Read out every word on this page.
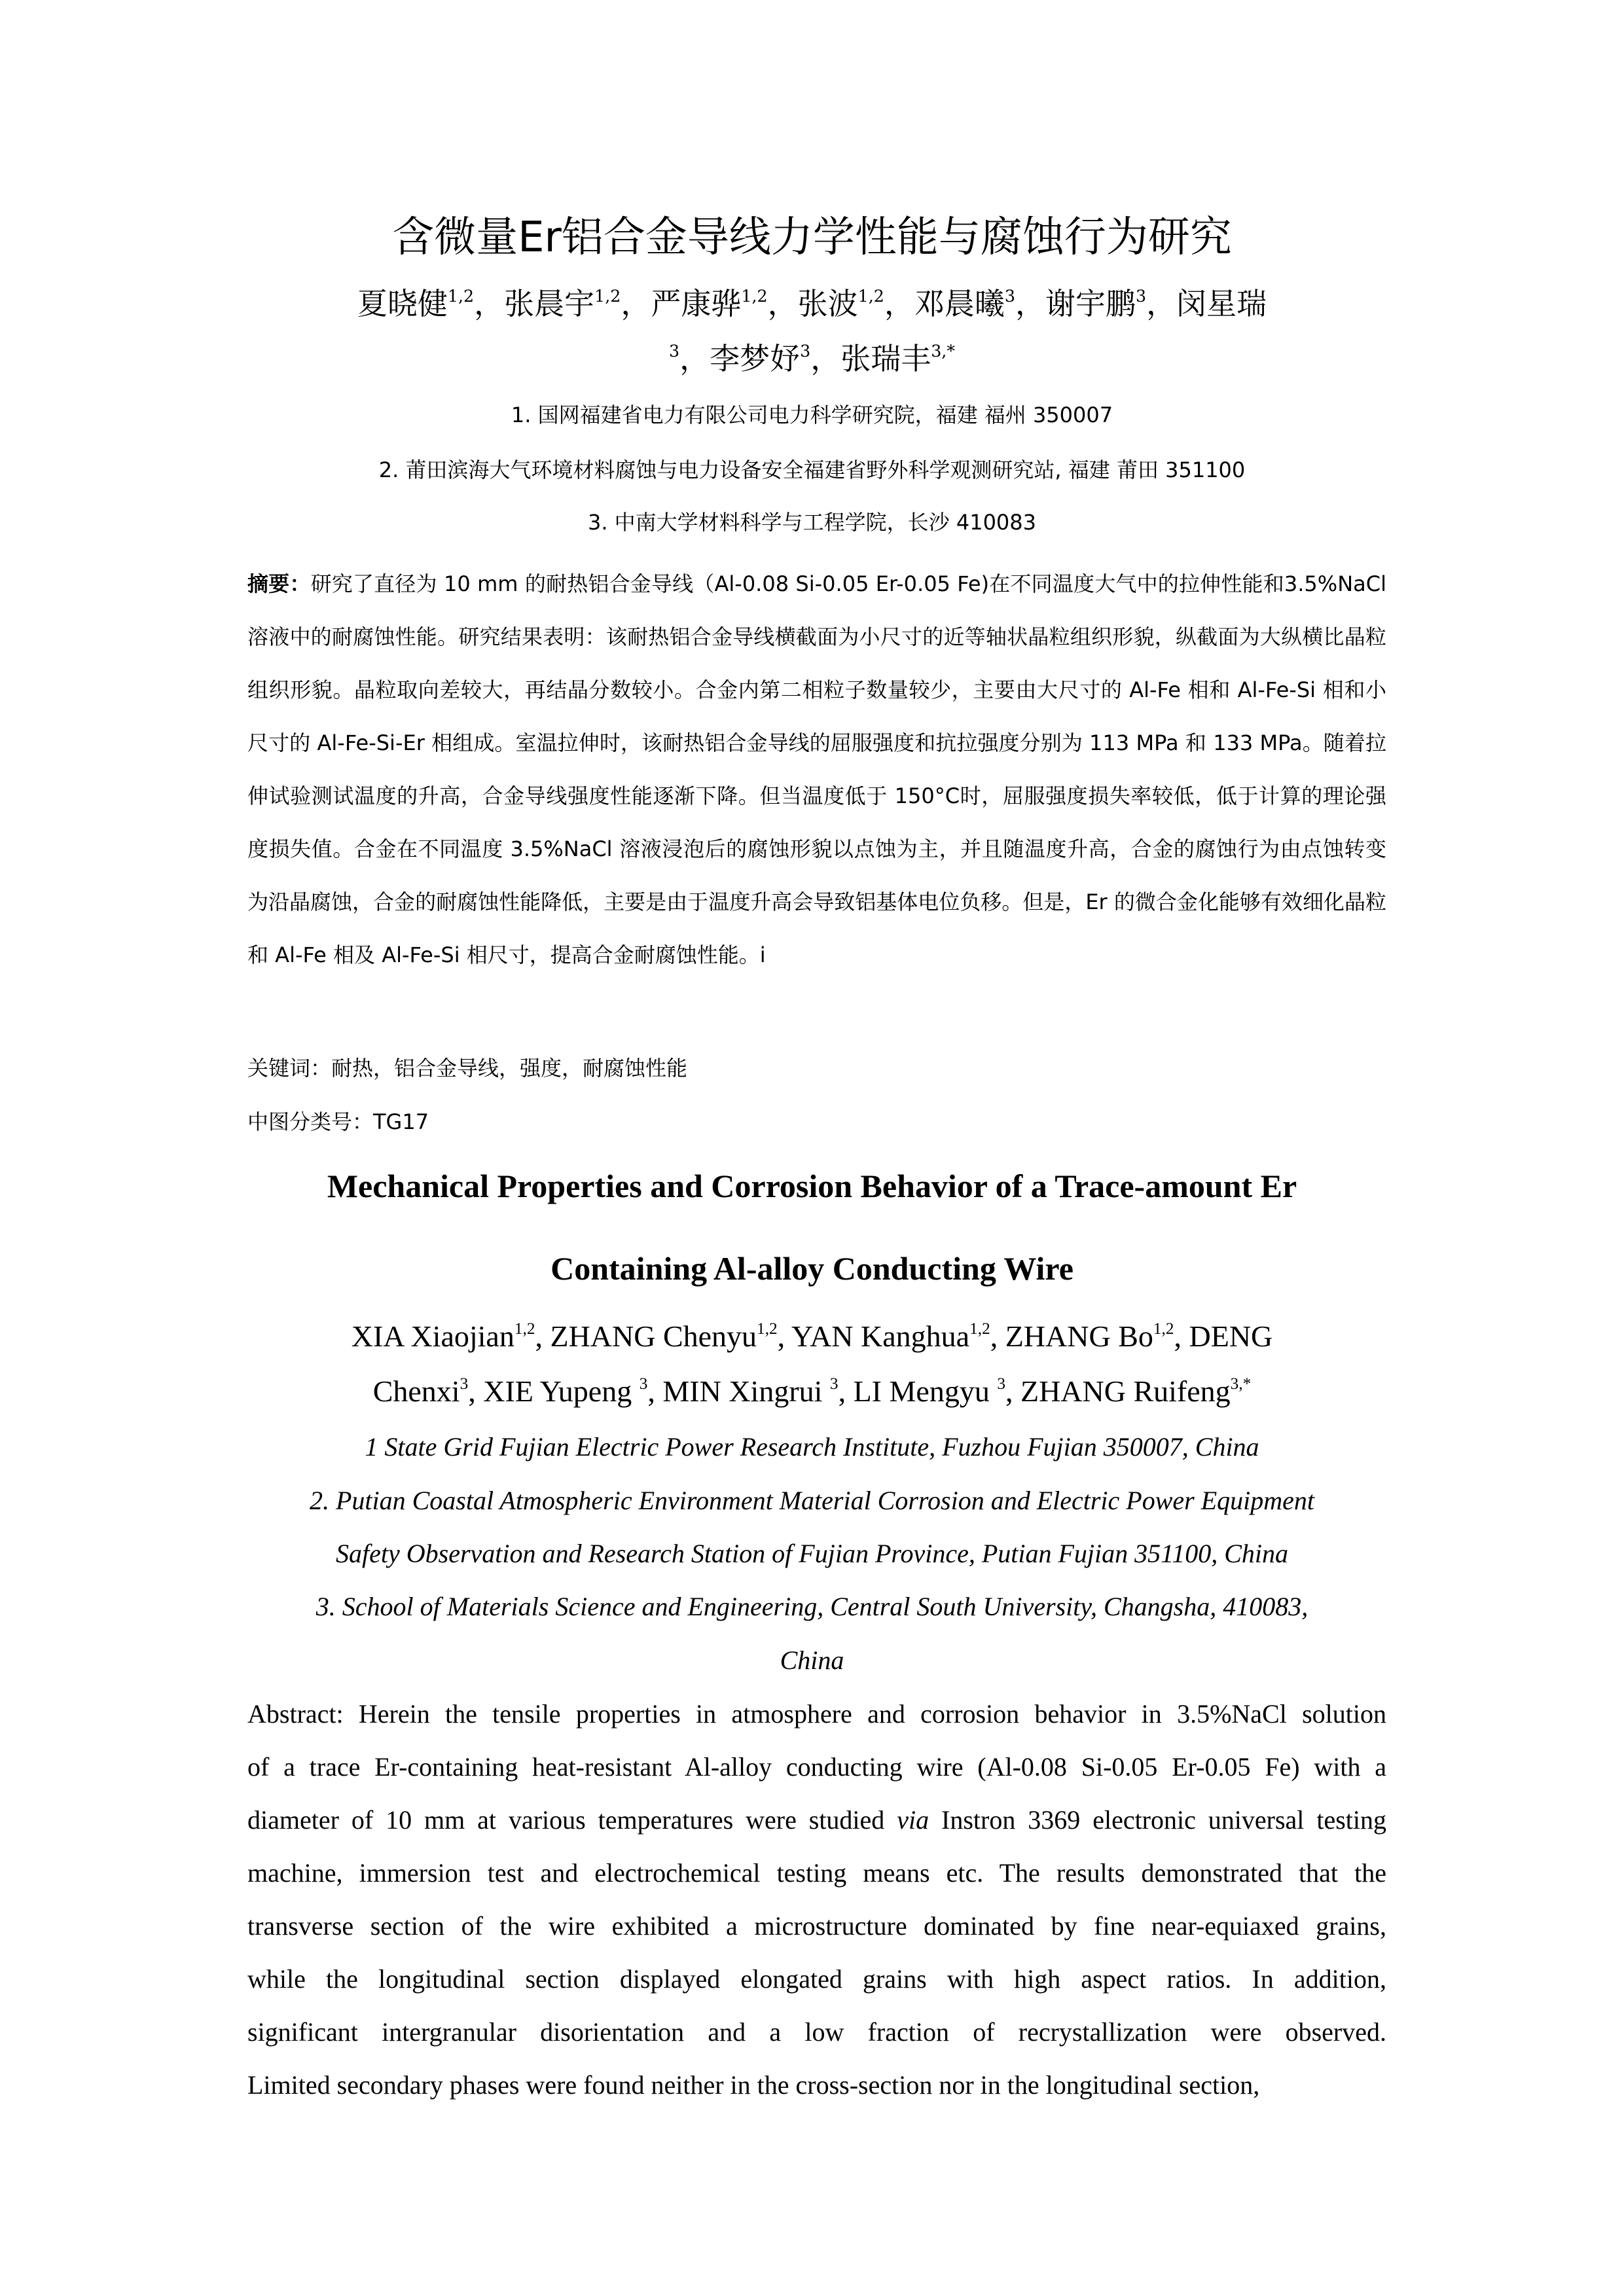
含微量Er铝合金导线力学性能与腐蚀行为研究
夏晓健$^{1,2}$，张晨宇$^{1,2}$，严康骅$^{1,2}$，张波$^{1,2}$，邓晨曦$^3$，谢宇鹏$^3$，闵星瑞
$^3$，李梦妤$^3$，张瑞丰$^{3,*}$
1. 国网福建省电力有限公司电力科学研究院，福建 福州 350007
2. 莆田滨海大气环境材料腐蚀与电力设备安全福建省野外科学观测研究站, 福建 莆田 351100
3. 中南大学材料科学与工程学院，长沙 410083
摘要：研究了直径为 10 mm 的耐热铝合金导线（Al-0.08 Si-0.05 Er-0.05 Fe)在不同温度大气中的拉伸性能和3.5%NaCl 溶液中的耐腐蚀性能。研究结果表明：该耐热铝合金导线横截面为小尺寸的近等轴状晶粒组织形貌，纵截面为大纵横比晶粒组织形貌。晶粒取向差较大，再结晶分数较小。合金内第二相粒子数量较少，主要由大尺寸的 Al-Fe 相和 Al-Fe-Si 相和小尺寸的 Al-Fe-Si-Er 相组成。室温拉伸时，该耐热铝合金导线的屈服强度和抗拉强度分别为 113 MPa 和 133 MPa。随着拉伸试验测试温度的升高，合金导线强度性能逐渐下降。但当温度低于 150°C时，屈服强度损失率较低，低于计算的理论强度损失值。合金在不同温度 3.5%NaCl 溶液浸泡后的腐蚀形貌以点蚀为主，并且随温度升高，合金的腐蚀行为由点蚀转变为沿晶腐蚀，合金的耐腐蚀性能降低，主要是由于温度升高会导致铝基体电位负移。但是，Er 的微合金化能够有效细化晶粒和 Al-Fe 相及 Al-Fe-Si 相尺寸，提高合金耐腐蚀性能。i
关键词：耐热，铝合金导线，强度，耐腐蚀性能
中图分类号：TG17
Mechanical Properties and Corrosion Behavior of a Trace-amount Er
Containing Al-alloy Conducting Wire
XIA Xiaojian$^{1,2}$, ZHANG Chenyu$^{1,2}$, YAN Kanghua$^{1,2}$, ZHANG Bo$^{1,2}$, DENG
Chenxi$^3$, XIE Yupeng $^3$, MIN Xingrui $^3$, LI Mengyu $^3$, ZHANG Ruifeng$^{3,*}$
1 State Grid Fujian Electric Power Research Institute, Fuzhou Fujian 350007, China
2. Putian Coastal Atmospheric Environment Material Corrosion and Electric Power Equipment
Safety Observation and Research Station of Fujian Province, Putian Fujian 351100, China
3. School of Materials Science and Engineering, Central South University, Changsha, 410083,
China
Abstract: Herein the tensile properties in atmosphere and corrosion behavior in 3.5%NaCl solution
of a trace Er-containing heat-resistant Al-alloy conducting wire (Al-0.08 Si-0.05 Er-0.05 Fe) with a
diameter of 10 mm at various temperatures were studied via Instron 3369 electronic universal testing
machine, immersion test and electrochemical testing means etc. The results demonstrated that the
transverse section of the wire exhibited a microstructure dominated by fine near-equiaxed grains,
while the longitudinal section displayed elongated grains with high aspect ratios. In addition,
significant intergranular disorientation and a low fraction of recrystallization were observed.
Limited secondary phases were found neither in the cross-section nor in the longitudinal section,
